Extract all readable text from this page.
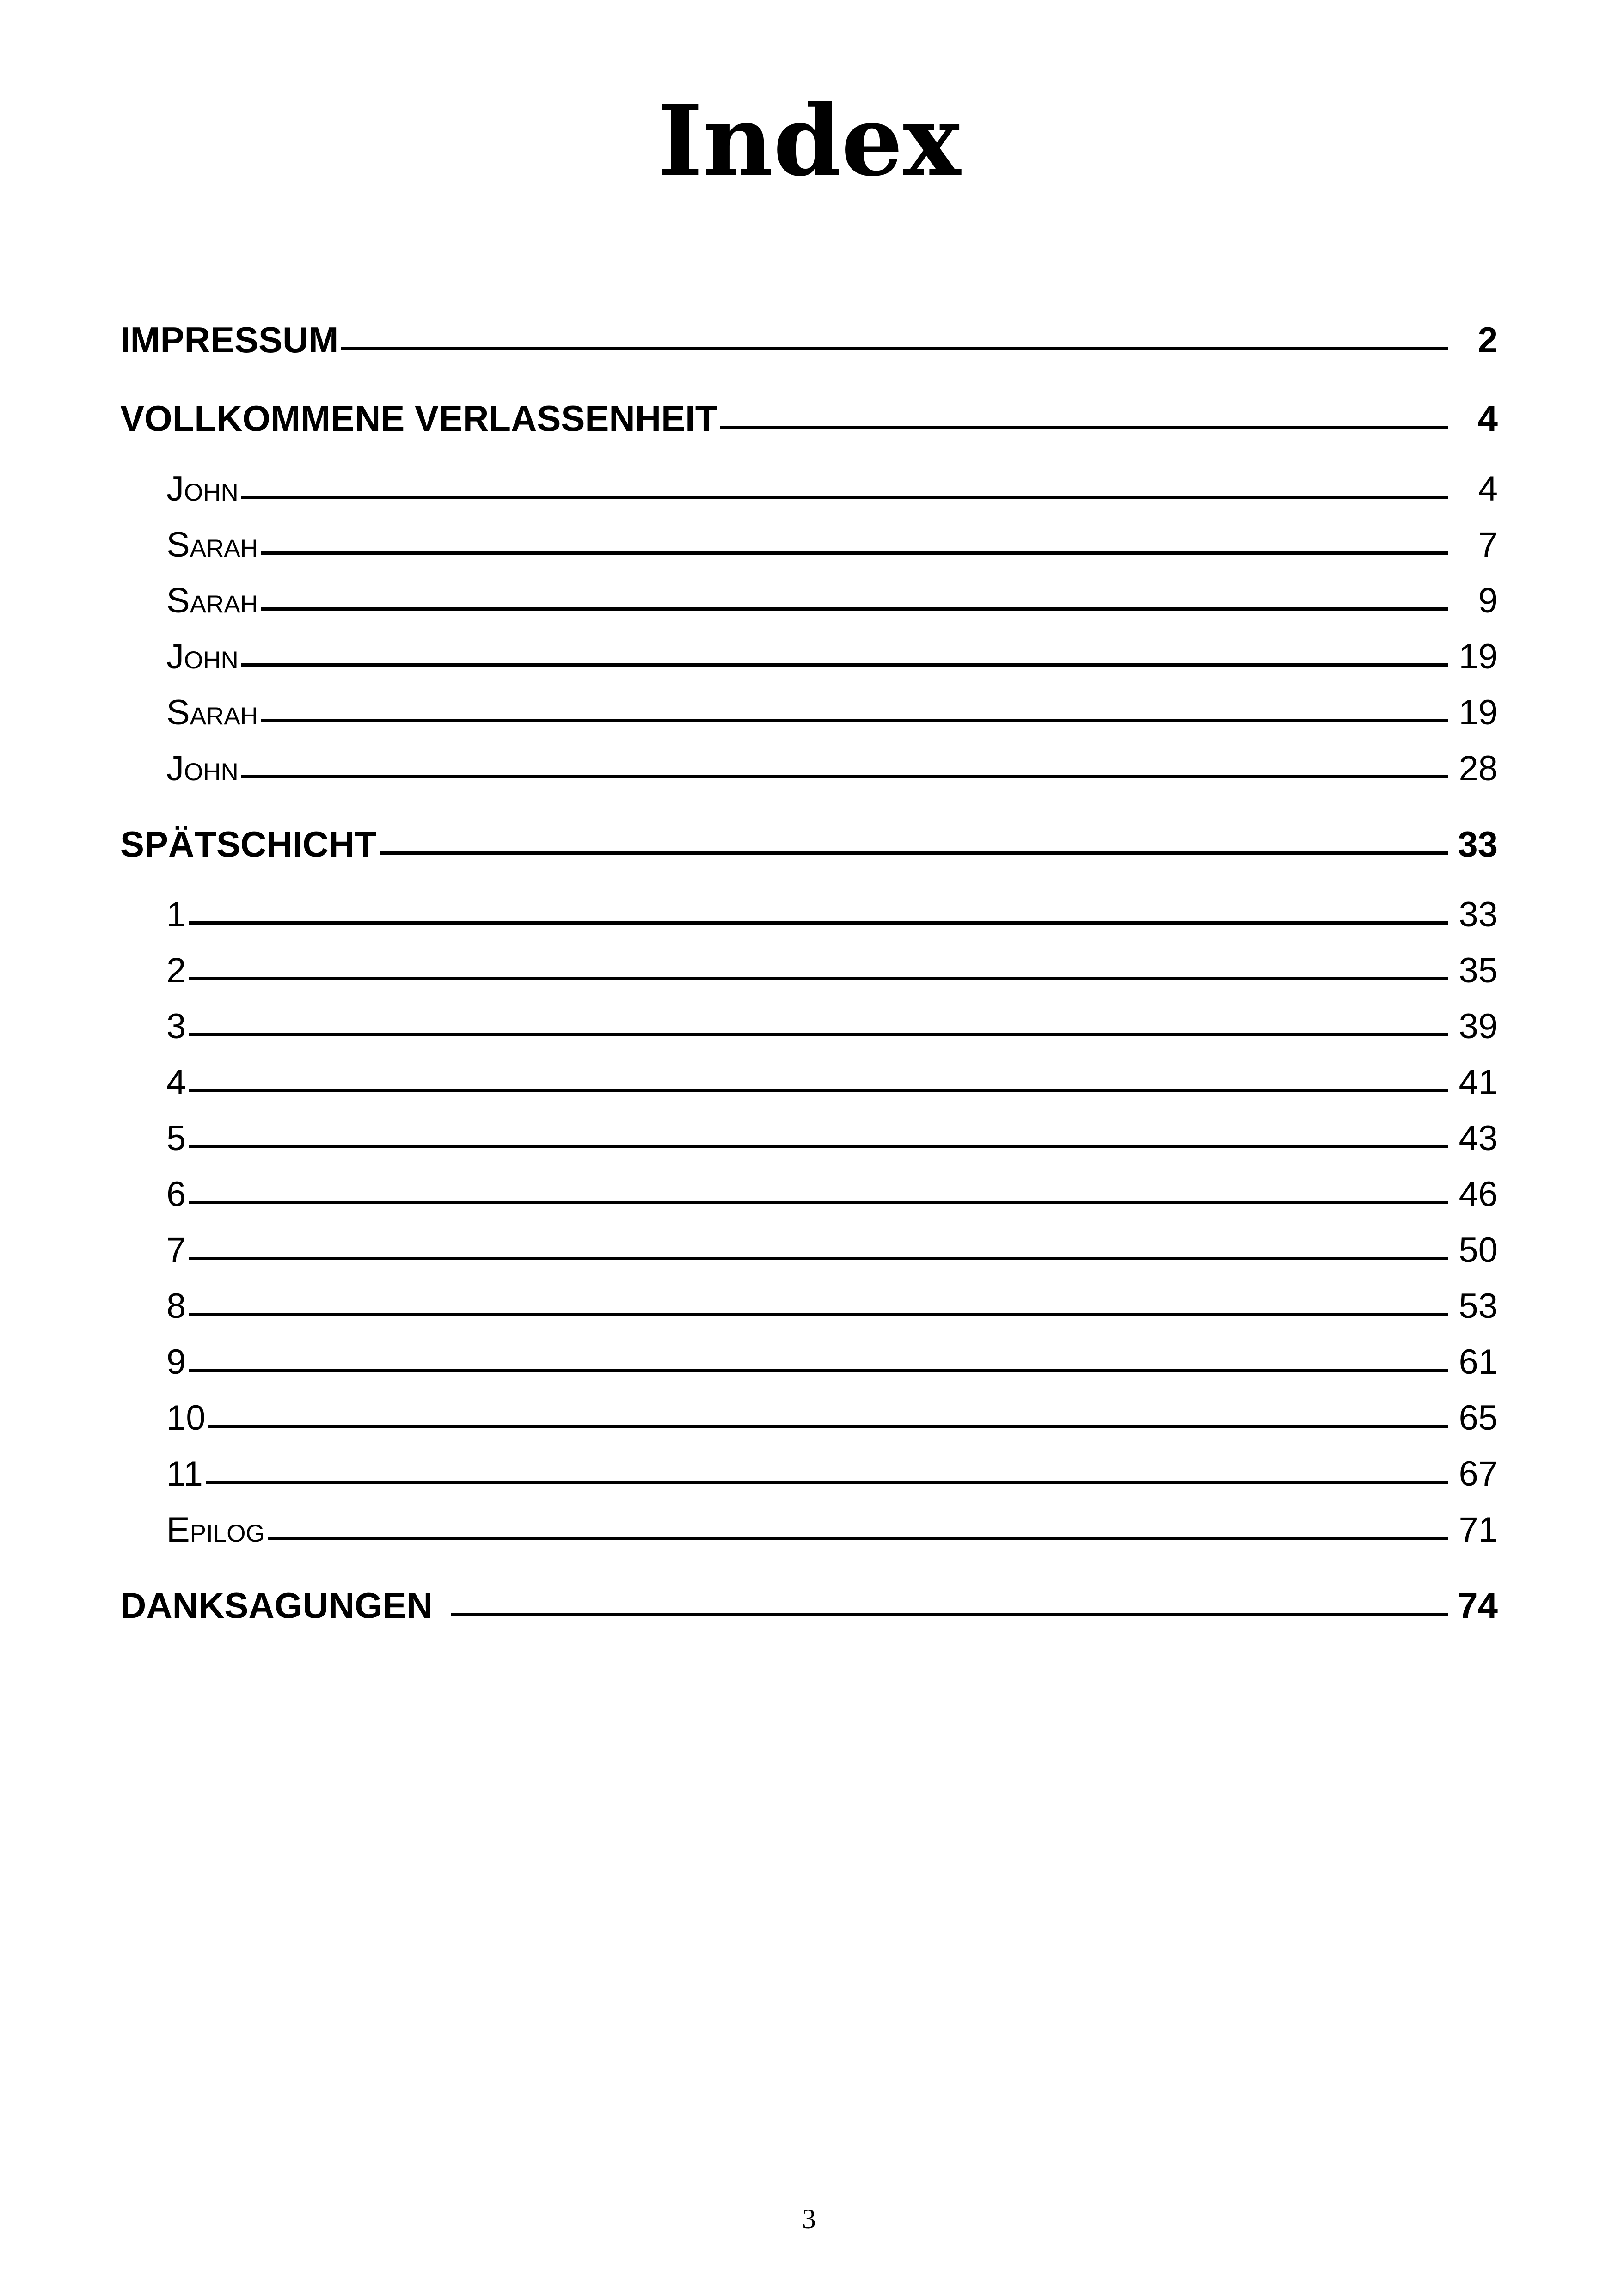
Index
IMPRESSUM	2
VOLLKOMMENE VERLASSENHEIT	4
John	4
Sarah	7
Sarah	9
John	19
Sarah	19
John	28
SPÄTSCHICHT	33
1	33
2	35
3	39
4	41
5	43
6	46
7	50
8	53
9	61
10	65
11	67
Epilog	71
DANKSAGUNGEN	74
3
